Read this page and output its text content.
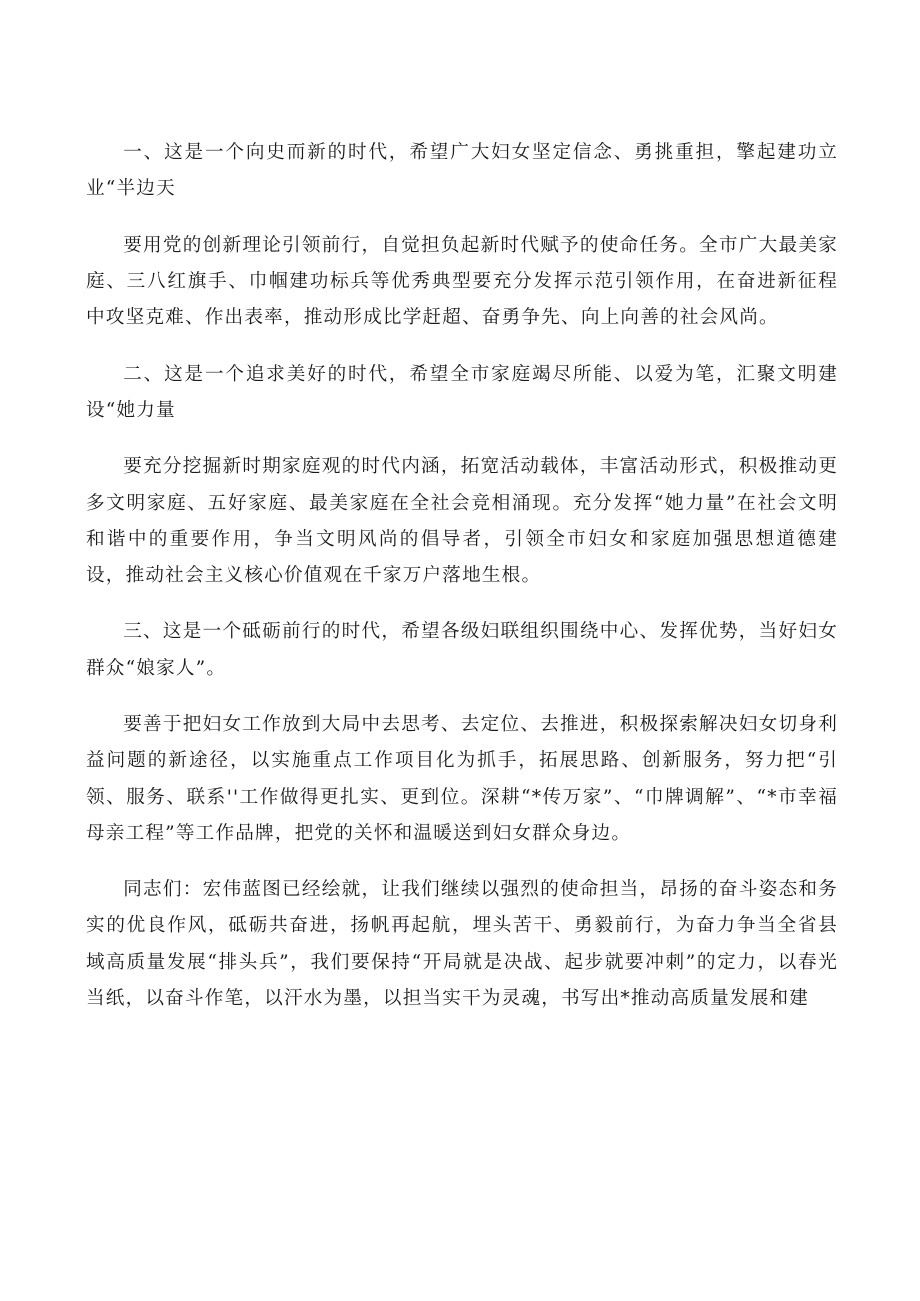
一、这是一个向史而新的时代，希望广大妇女坚定信念、勇挑重担，擎起建功立业“半边天

要用党的创新理论引领前行，自觉担负起新时代赋予的使命任务。全市广大最美家庭、三八红旗手、巾帼建功标兵等优秀典型要充分发挥示范引领作用，在奋进新征程中攻坚克难、作出表率，推动形成比学赶超、奋勇争先、向上向善的社会风尚。

二、这是一个追求美好的时代，希望全市家庭竭尽所能、以爱为笔，汇聚文明建设“她力量

要充分挖掘新时期家庭观的时代内涵，拓宽活动载体，丰富活动形式，积极推动更多文明家庭、五好家庭、最美家庭在全社会竞相涌现。充分发挥“她力量”在社会文明和谐中的重要作用，争当文明风尚的倡导者，引领全市妇女和家庭加强思想道德建设，推动社会主义核心价值观在千家万户落地生根。

三、这是一个砥砺前行的时代，希望各级妇联组织围绕中心、发挥优势，当好妇女群众“娘家人”。

要善于把妇女工作放到大局中去思考、去定位、去推进，积极探索解决妇女切身利益问题的新途径，以实施重点工作项目化为抓手，拓展思路、创新服务，努力把“引领、服务、联系''工作做得更扎实、更到位。深耕“*传万家”、“巾牌调解”、“*市幸福母亲工程”等工作品牌，把党的关怀和温暖送到妇女群众身边。

同志们：宏伟蓝图已经绘就，让我们继续以强烈的使命担当，昂扬的奋斗姿态和务实的优良作风，砥砺共奋进，扬帆再起航，埋头苦干、勇毅前行，为奋力争当全省县域高质量发展“排头兵”，我们要保持“开局就是决战、起步就要冲刺”的定力，以春光当纸，以奋斗作笔，以汗水为墨，以担当实干为灵魂，书写出*推动高质量发展和建
